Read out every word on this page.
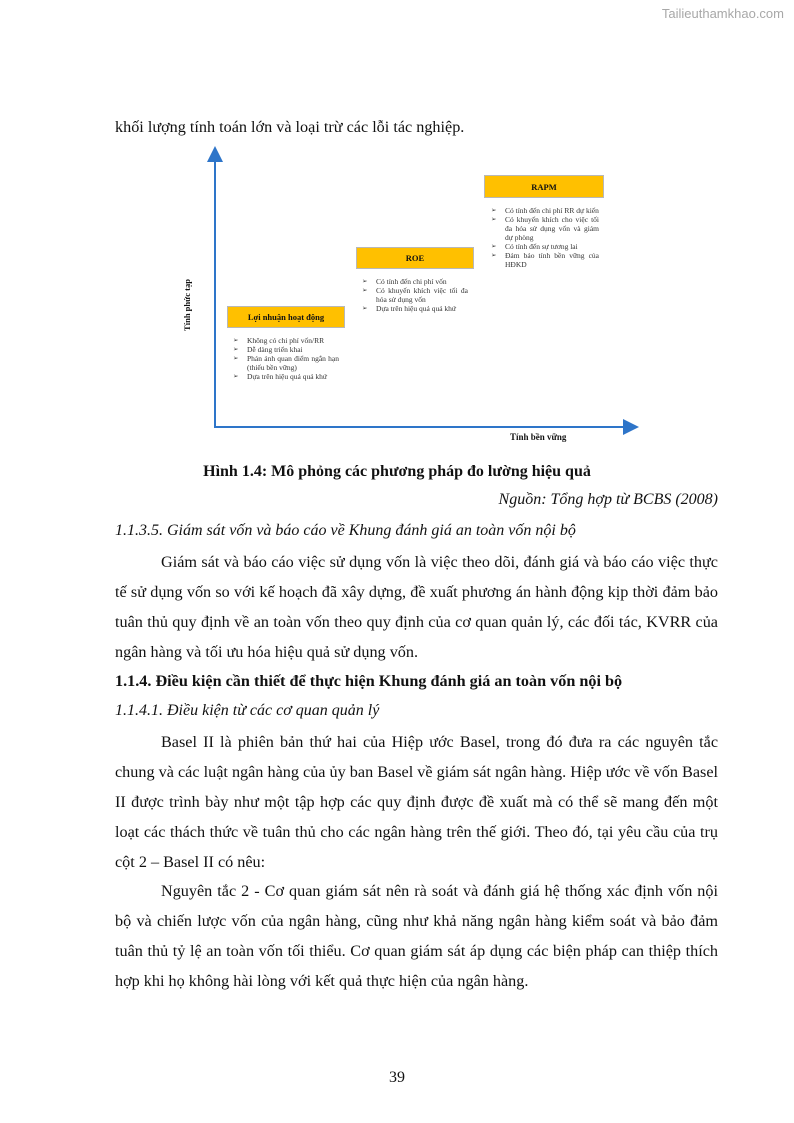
Tailieuthamkhao.com

khối lượng tính toán lớn và loại trừ các lỗi tác nghiệp.

Tính phức tạp
Tính bền vững
Lợi nhuận hoạt động
➢ Không có chi phí vốn/RR
➢ Dễ dàng triển khai
➢ Phản ánh quan điểm ngắn hạn (thiếu bền vững)
➢ Dựa trên hiệu quả quá khứ
ROE
➢ Có tính đến chi phí vốn
➢ Có khuyến khích việc tối đa hóa sử dụng vốn
➢ Dựa trên hiệu quả quá khứ
RAPM
➢ Có tính đến chi phí RR dự kiến
➢ Có khuyến khích cho việc tối đa hóa sử dụng vốn và giảm dự phòng
➢ Có tính đến sự tương lai
➢ Đảm bảo tính bền vững của HĐKD
Hình 1.4: Mô phỏng các phương pháp đo lường hiệu quả
Nguồn: Tổng hợp từ BCBS (2008)
1.1.3.5. Giám sát vốn và báo cáo về Khung đánh giá an toàn vốn nội bộ

Giám sát và báo cáo việc sử dụng vốn là việc theo dõi, đánh giá và báo cáo việc thực tế sử dụng vốn so với kế hoạch đã xây dựng, đề xuất phương án hành động kịp thời đảm bảo tuân thủ quy định về an toàn vốn theo quy định của cơ quan quản lý, các đối tác, KVRR của ngân hàng và tối ưu hóa hiệu quả sử dụng vốn.

1.1.4. Điều kiện cần thiết để thực hiện Khung đánh giá an toàn vốn nội bộ
1.1.4.1. Điều kiện từ các cơ quan quản lý

Basel II là phiên bản thứ hai của Hiệp ước Basel, trong đó đưa ra các nguyên tắc chung và các luật ngân hàng của ủy ban Basel về giám sát ngân hàng. Hiệp ước về vốn Basel II được trình bày như một tập hợp các quy định được đề xuất mà có thể sẽ mang đến một loạt các thách thức về tuân thủ cho các ngân hàng trên thế giới. Theo đó, tại yêu cầu của trụ cột 2 – Basel II có nêu:

Nguyên tắc 2 - Cơ quan giám sát nên rà soát và đánh giá hệ thống xác định vốn nội bộ và chiến lược vốn của ngân hàng, cũng như khả năng ngân hàng kiểm soát và bảo đảm tuân thủ tỷ lệ an toàn vốn tối thiểu. Cơ quan giám sát áp dụng các biện pháp can thiệp thích hợp khi họ không hài lòng với kết quả thực hiện của ngân hàng.

39
